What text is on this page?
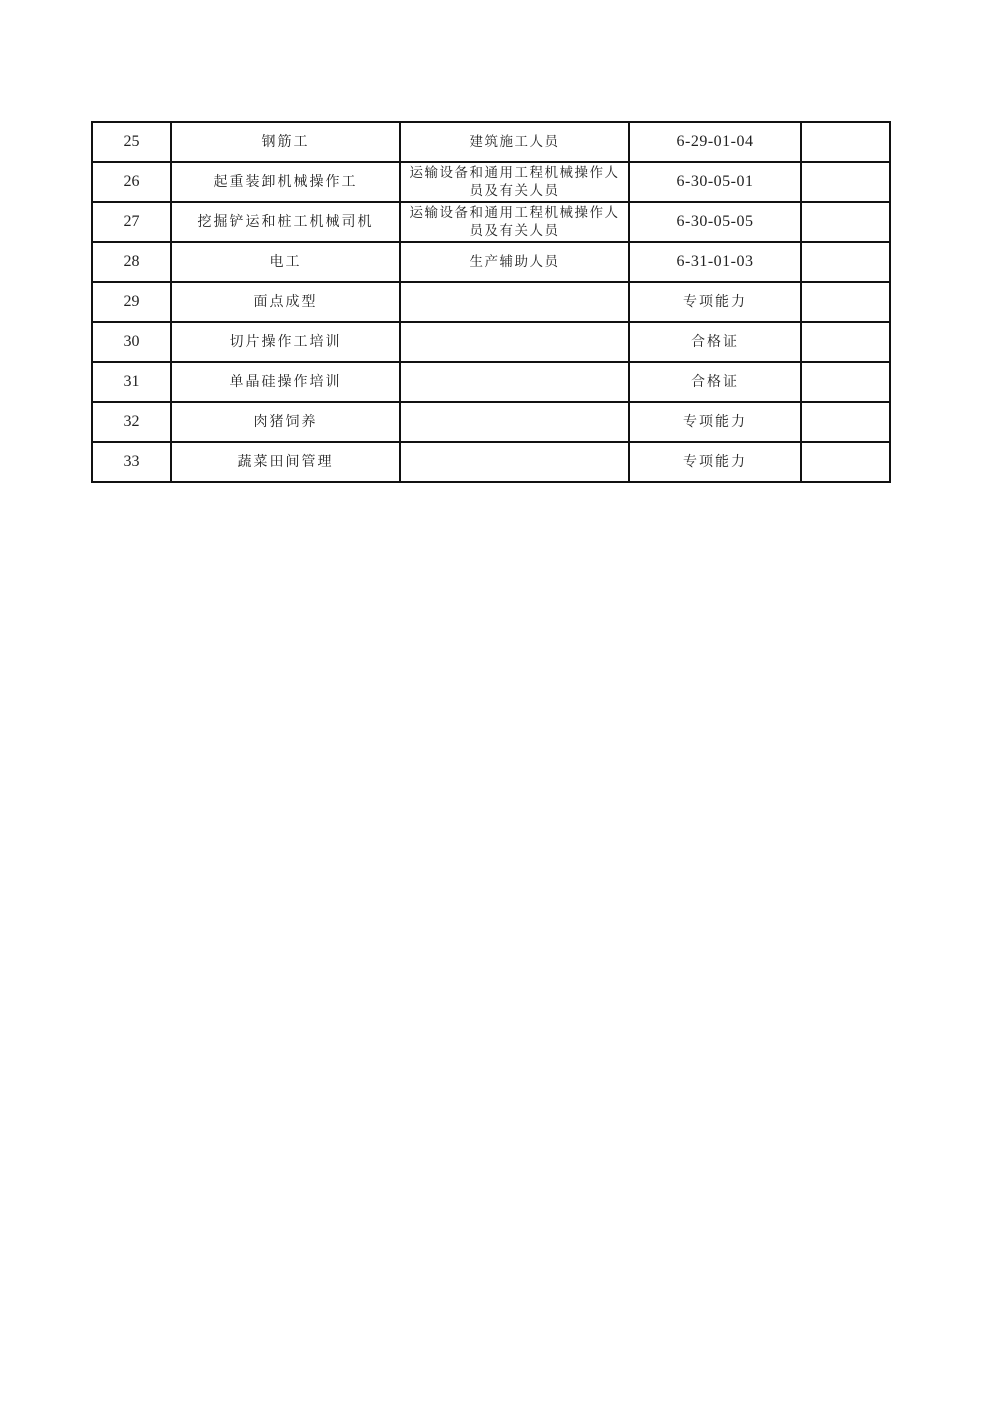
25	钢筋工	建筑施工人员	6-29-01-04	
26	起重装卸机械操作工	运输设备和通用工程机械操作人员及有关人员	6-30-05-01	
27	挖掘铲运和桩工机械司机	运输设备和通用工程机械操作人员及有关人员	6-30-05-05	
28	电工	生产辅助人员	6-31-01-03	
29	面点成型		专项能力	
30	切片操作工培训		合格证	
31	单晶硅操作培训		合格证	
32	肉猪饲养		专项能力	
33	蔬菜田间管理		专项能力	
